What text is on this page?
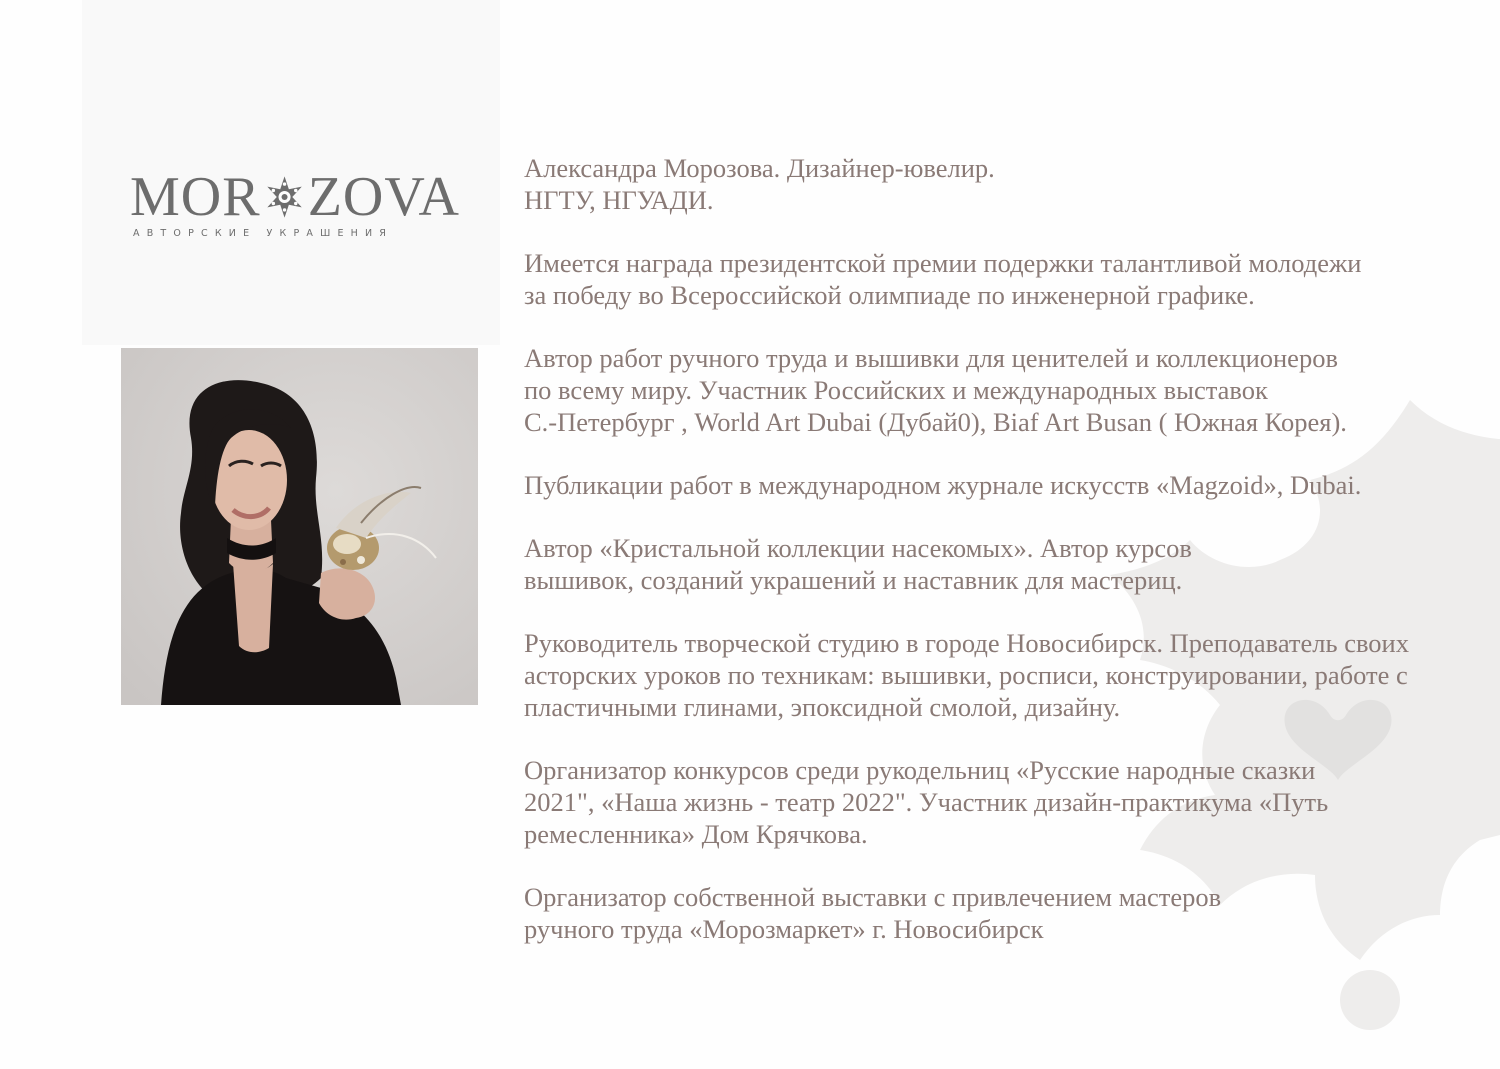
MOR ZOVA
АВТОРСКИЕ УКРАШЕНИЯ
Александра Морозова. Дизайнер-ювелир.
НГТУ, НГУАДИ.
Имеется награда президентской премии подержки талантливой молодежи
за победу во Всероссийской олимпиаде по инженерной графике.
Автор работ ручного труда и вышивки для ценителей и коллекционеров
по всему миру. Участник Российских и международных выставок
С.-Петербург , World Art Dubai (Дубай0), Biaf Art Busan ( Южная Корея).
Публикации работ в международном журнале искусств «Magzoid», Dubai.
Автор «Кристальной коллекции насекомых». Автор курсов
вышивок, созданий украшений и наставник для мастериц.
Руководитель творческой студию в городе Новосибирск. Преподаватель своих
асторских уроков по техникам: вышивки, росписи, конструировании, работе с
пластичными глинами, эпоксидной смолой, дизайну.
Организатор конкурсов среди рукодельниц «Русские народные сказки
2021", «Наша жизнь - театр 2022". Участник дизайн-практикума «Путь
ремесленника» Дом Крячкова.
Организатор собственной выставки с привлечением мастеров
ручного труда «Морозмаркет» г. Новосибирск
